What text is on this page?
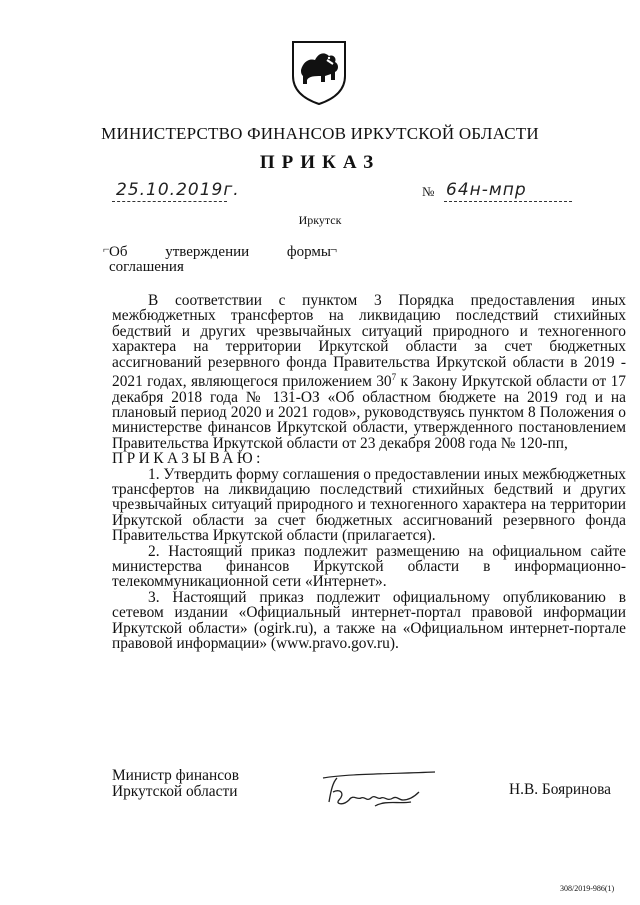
МИНИСТЕРСТВО ФИНАНСОВ ИРКУТСКОЙ ОБЛАСТИ
ПРИКАЗ
25.10.2019г.	№ 64н-мпр
Иркутск
⌐	¬
Об	утверждении	формы
соглашения

В соответствии с пунктом 3 Порядка предоставления иных межбюджетных трансфертов на ликвидацию последствий стихийных бедствий и других чрезвычайных ситуаций природного и техногенного характера на территории Иркутской области за счет бюджетных ассигнований резервного фонда Правительства Иркутской области в 2019 - 2021 годах, являющегося приложением $30^7$ к Закону Иркутской области от 17 декабря 2018 года № 131-ОЗ «Об областном бюджете на 2019 год и на плановый период 2020 и 2021 годов», руководствуясь пунктом 8 Положения о министерстве финансов Иркутской области, утвержденного постановлением Правительства Иркутской области от 23 декабря 2008 года № 120-пп,

ПРИКАЗЫВАЮ:

1. Утвердить форму соглашения о предоставлении иных межбюджетных трансфертов на ликвидацию последствий стихийных бедствий и других чрезвычайных ситуаций природного и техногенного характера на территории Иркутской области за счет бюджетных ассигнований резервного фонда Правительства Иркутской области (прилагается).

2. Настоящий приказ подлежит размещению на официальном сайте министерства финансов Иркутской области в информационно-телекоммуникационной сети «Интернет».

3. Настоящий приказ подлежит официальному опубликованию в сетевом издании «Официальный интернет-портал правовой информации Иркутской области» (ogirk.ru), а также на «Официальном интернет-портале правовой информации» (www.pravo.gov.ru).

Министр финансов
Иркутской области	Н.В. Бояринова
308/2019-986(1)
